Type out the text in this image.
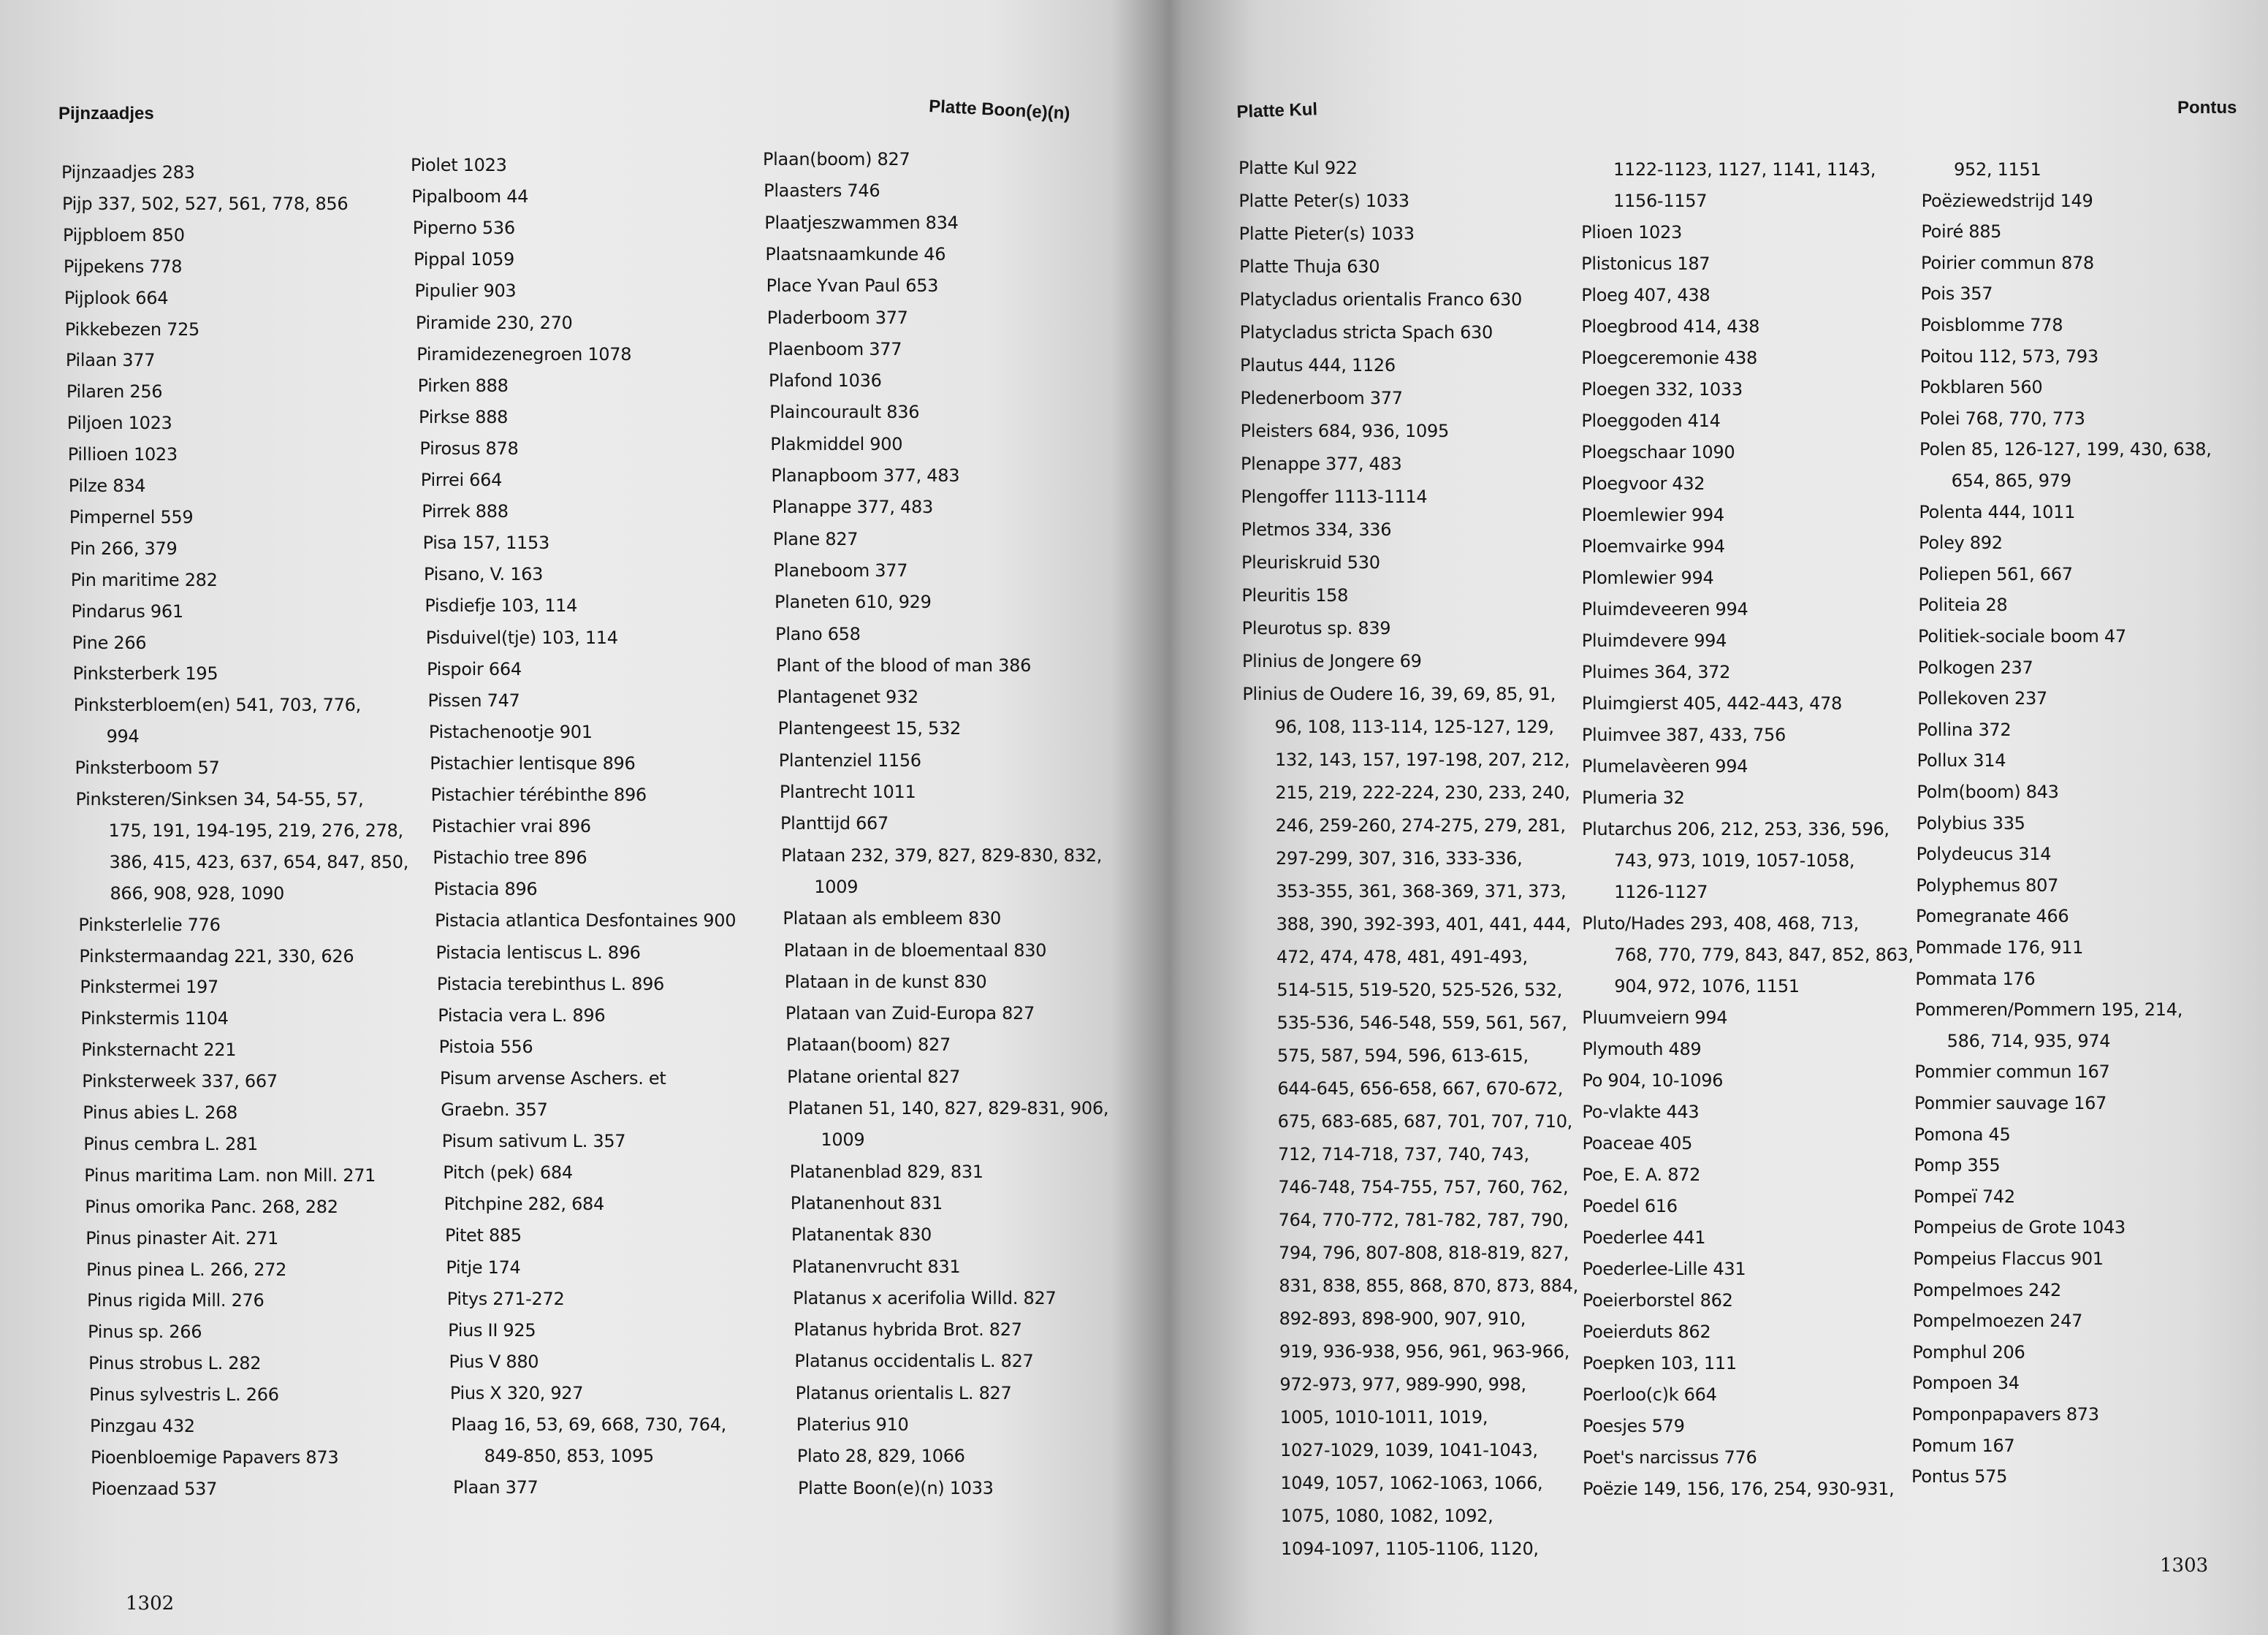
Pijnzaadjes	Platte Boon(e)(n)
Pijnzaadjes 283
Pijp 337, 502, 527, 561, 778, 856
Pijpbloem 850
Pijpekens 778
Pijplook 664
Pikkebezen 725
Pilaan 377
Pilaren 256
Piljoen 1023
Pillioen 1023
Pilze 834
Pimpernel 559
Pin 266, 379
Pin maritime 282
Pindarus 961
Pine 266
Pinksterberk 195
Pinksterbloem(en) 541, 703, 776,
994
Pinksterboom 57
Pinksteren/Sinksen 34, 54-55, 57,
175, 191, 194-195, 219, 276, 278,
386, 415, 423, 637, 654, 847, 850,
866, 908, 928, 1090
Pinksterlelie 776
Pinkstermaandag 221, 330, 626
Pinkstermei 197
Pinkstermis 1104
Pinksternacht 221
Pinksterweek 337, 667
Pinus abies L. 268
Pinus cembra L. 281
Pinus maritima Lam. non Mill. 271
Pinus omorika Panc. 268, 282
Pinus pinaster Ait. 271
Pinus pinea L. 266, 272
Pinus rigida Mill. 276
Pinus sp. 266
Pinus strobus L. 282
Pinus sylvestris L. 266
Pinzgau 432
Pioenbloemige Papavers 873
Pioenzaad 537
Piolet 1023
Pipalboom 44
Piperno 536
Pippal 1059
Pipulier 903
Piramide 230, 270
Piramidezenegroen 1078
Pirken 888
Pirkse 888
Pirosus 878
Pirrei 664
Pirrek 888
Pisa 157, 1153
Pisano, V. 163
Pisdiefje 103, 114
Pisduivel(tje) 103, 114
Pispoir 664
Pissen 747
Pistachenootje 901
Pistachier lentisque 896
Pistachier térébinthe 896
Pistachier vrai 896
Pistachio tree 896
Pistacia 896
Pistacia atlantica Desfontaines 900
Pistacia lentiscus L. 896
Pistacia terebinthus L. 896
Pistacia vera L. 896
Pistoia 556
Pisum arvense Aschers. et
Graebn. 357
Pisum sativum L. 357
Pitch (pek) 684
Pitchpine 282, 684
Pitet 885
Pitje 174
Pitys 271-272
Pius II 925
Pius V 880
Pius X 320, 927
Plaag 16, 53, 69, 668, 730, 764,
849-850, 853, 1095
Plaan 377
Plaan(boom) 827
Plaasters 746
Plaatjeszwammen 834
Plaatsnaamkunde 46
Place Yvan Paul 653
Pladerboom 377
Plaenboom 377
Plafond 1036
Plaincourault 836
Plakmiddel 900
Planapboom 377, 483
Planappe 377, 483
Plane 827
Planeboom 377
Planeten 610, 929
Plano 658
Plant of the blood of man 386
Plantagenet 932
Plantengeest 15, 532
Plantenziel 1156
Plantrecht 1011
Planttijd 667
Plataan 232, 379, 827, 829-830, 832,
1009
Plataan als embleem 830
Plataan in de bloementaal 830
Plataan in de kunst 830
Plataan van Zuid-Europa 827
Plataan(boom) 827
Platane oriental 827
Platanen 51, 140, 827, 829-831, 906,
1009
Platanenblad 829, 831
Platanenhout 831
Platanentak 830
Platanenvrucht 831
Platanus x acerifolia Willd. 827
Platanus hybrida Brot. 827
Platanus occidentalis L. 827
Platanus orientalis L. 827
Platerius 910
Plato 28, 829, 1066
Platte Boon(e)(n) 1033
1302
Platte Kul	Pontus
Platte Kul 922
Platte Peter(s) 1033
Platte Pieter(s) 1033
Platte Thuja 630
Platycladus orientalis Franco 630
Platycladus stricta Spach 630
Plautus 444, 1126
Pledenerboom 377
Pleisters 684, 936, 1095
Plenappe 377, 483
Plengoffer 1113-1114
Pletmos 334, 336
Pleuriskruid 530
Pleuritis 158
Pleurotus sp. 839
Plinius de Jongere 69
Plinius de Oudere 16, 39, 69, 85, 91,
96, 108, 113-114, 125-127, 129,
132, 143, 157, 197-198, 207, 212,
215, 219, 222-224, 230, 233, 240,
246, 259-260, 274-275, 279, 281,
297-299, 307, 316, 333-336,
353-355, 361, 368-369, 371, 373,
388, 390, 392-393, 401, 441, 444,
472, 474, 478, 481, 491-493,
514-515, 519-520, 525-526, 532,
535-536, 546-548, 559, 561, 567,
575, 587, 594, 596, 613-615,
644-645, 656-658, 667, 670-672,
675, 683-685, 687, 701, 707, 710,
712, 714-718, 737, 740, 743,
746-748, 754-755, 757, 760, 762,
764, 770-772, 781-782, 787, 790,
794, 796, 807-808, 818-819, 827,
831, 838, 855, 868, 870, 873, 884,
892-893, 898-900, 907, 910,
919, 936-938, 956, 961, 963-966,
972-973, 977, 989-990, 998,
1005, 1010-1011, 1019,
1027-1029, 1039, 1041-1043,
1049, 1057, 1062-1063, 1066,
1075, 1080, 1082, 1092,
1094-1097, 1105-1106, 1120,
1122-1123, 1127, 1141, 1143,
1156-1157
Plioen 1023
Plistonicus 187
Ploeg 407, 438
Ploegbrood 414, 438
Ploegceremonie 438
Ploegen 332, 1033
Ploeggoden 414
Ploegschaar 1090
Ploegvoor 432
Ploemlewier 994
Ploemvairke 994
Plomlewier 994
Pluimdeveeren 994
Pluimdevere 994
Pluimes 364, 372
Pluimgierst 405, 442-443, 478
Pluimvee 387, 433, 756
Plumelavèeren 994
Plumeria 32
Plutarchus 206, 212, 253, 336, 596,
743, 973, 1019, 1057-1058,
1126-1127
Pluto/Hades 293, 408, 468, 713,
768, 770, 779, 843, 847, 852, 863,
904, 972, 1076, 1151
Pluumveiern 994
Plymouth 489
Po 904, 10-1096
Po-vlakte 443
Poaceae 405
Poe, E. A. 872
Poedel 616
Poederlee 441
Poederlee-Lille 431
Poeierborstel 862
Poeierduts 862
Poepken 103, 111
Poerloo(c)k 664
Poesjes 579
Poet's narcissus 776
Poëzie 149, 156, 176, 254, 930-931,
952, 1151
Poëziewedstrijd 149
Poiré 885
Poirier commun 878
Pois 357
Poisblomme 778
Poitou 112, 573, 793
Pokblaren 560
Polei 768, 770, 773
Polen 85, 126-127, 199, 430, 638,
654, 865, 979
Polenta 444, 1011
Poley 892
Poliepen 561, 667
Politeia 28
Politiek-sociale boom 47
Polkogen 237
Pollekoven 237
Pollina 372
Pollux 314
Polm(boom) 843
Polybius 335
Polydeucus 314
Polyphemus 807
Pomegranate 466
Pommade 176, 911
Pommata 176
Pommeren/Pommern 195, 214,
586, 714, 935, 974
Pommier commun 167
Pommier sauvage 167
Pomona 45
Pomp 355
Pompeï 742
Pompeius de Grote 1043
Pompeius Flaccus 901
Pompelmoes 242
Pompelmoezen 247
Pomphul 206
Pompoen 34
Pomponpapavers 873
Pomum 167
Pontus 575
1303
